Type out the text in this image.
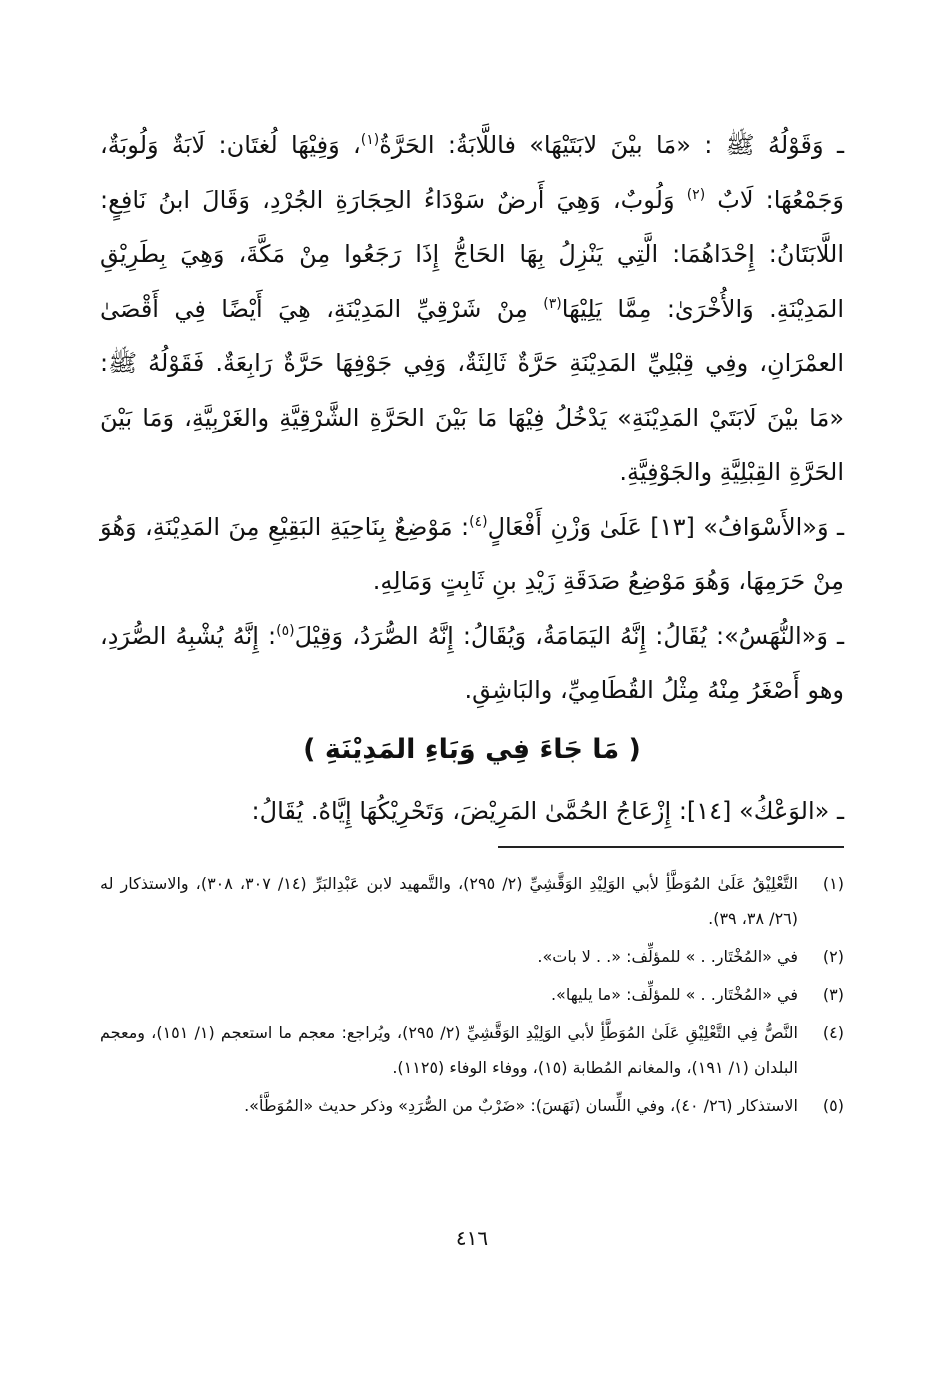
ـ وَقَوْلُهُ ﷺ : «مَا بيْنَ لابَتَيْهَا» فاللَّابَةُ: الحَرَّةُ$^{(١)}$، وَفِيْهَا لُغتَان: لَابَةٌ وَلُوبَةٌ، وَجَمْعُهَا: لَابٌ $^{(٢)}$ وَلُوبٌ، وَهِيَ أَرضٌ سَوْدَاءُ الحِجَارَةِ الجُرْدِ، وَقَالَ ابنُ نَافِعٍ: اللَّابَتَانُ: إِحْدَاهُمَا: الَّتِي يَنْزِلُ بِهَا الحَاجُّ إِذَا رَجَعُوا مِنْ مَكَّةَ، وَهِيَ بِطَرِيْقِ المَدِيْنَةِ. وَالأُخْرَىٰ: مِمَّا يَلِيْهَا$^{(٣)}$ مِنْ شَرْقِيِّ المَدِيْنَةِ، هِيَ أَيْضًا فِي أَقْصَىٰ العمْرَانِ، وفِي قِبْلِيِّ المَدِيْنَةِ حَرَّةٌ ثَالِثَةٌ، وَفِي جَوْفِهَا حَرَّةٌ رَابِعَةٌ. فَقَوْلُهُ ﷺ: «مَا بيْنَ لَابَتَيْ المَدِيْنَةِ» يَدْخُلُ فِيْهَا مَا بَيْنَ الحَرَّةِ الشَّرْقِيَّةِ والغَرْبِيَّةِ، وَمَا بَيْنَ الحَرَّةِ القِبْلِيَّةِ والجَوْفِيَّةِ.

ـ وَ«الأَسْوَافُ» [١٣] عَلَىٰ وَزْنِ أَفْعَالٍ$^{(٤)}$: مَوْضِعٌ بِنَاحِيَةِ البَقِيْعِ مِنَ المَدِيْنَةِ، وَهُوَ مِنْ حَرَمِهَا، وَهُوَ مَوْضِعُ صَدَقَةِ زَيْدِ بنِ ثَابِتٍ وَمَالِهِ.

ـ وَ«النُّهَسُ»: يُقَالُ: إِنَّهُ اليَمَامَةُ، وَيُقَالُ: إِنَّهُ الصُّرَدُ، وَقِيْلَ$^{(٥)}$: إِنَّهُ يُشْبِهُ الصُّرَدِ، وهو أَصْغَرُ مِنْهُ مِثْلُ القُطَامِيِّ، والبَاشِقِ.

( مَا جَاءَ فِي وَبَاءِ المَدِيْنَةِ )

ـ «الوَعْكُ» [١٤]: إِزْعَاجُ الحُمَّىٰ المَرِيْضَ، وَتَحْرِيْكُهَا إِيَّاهُ. يُقَالُ:

(١)
التَّعْلِيْقُ عَلَىٰ المُوَطَّأِ لأبي الوَلِيْدِ الوَقَّشِيِّ (٢/ ٢٩٥)، والتَّمهيد لابن عَبْدِالبَرِّ (١٤/ ٣٠٧، ٣٠٨)، والاستذكار له (٢٦/ ٣٨، ٣٩).
(٢)
في «المُخْتَار. . » للمؤلِّف: «. . لا بات».
(٣)
في «المُخْتَار. . » للمؤلِّف: «ما يليها».
(٤)
النَّصُّ فِي التَّعْلِيْقِ عَلَىٰ المُوَطَّأِ لأبي الوَلِيْدِ الوَقَّشِيِّ (٢/ ٢٩٥)، ويُراجع: معجم ما استعجم (١/ ١٥١)، ومعجم البلدان (١/ ١٩١)، والمغانم المُطابة (١٥)، ووفاء الوفاء (١١٢٥).
(٥)
الاستذكار (٢٦/ ٤٠)، وفي اللِّسان (نَهَسَ): «ضَرْبٌ من الصُّرَدِ» وذكر حديث «المُوَطَّأ».
٤١٦
